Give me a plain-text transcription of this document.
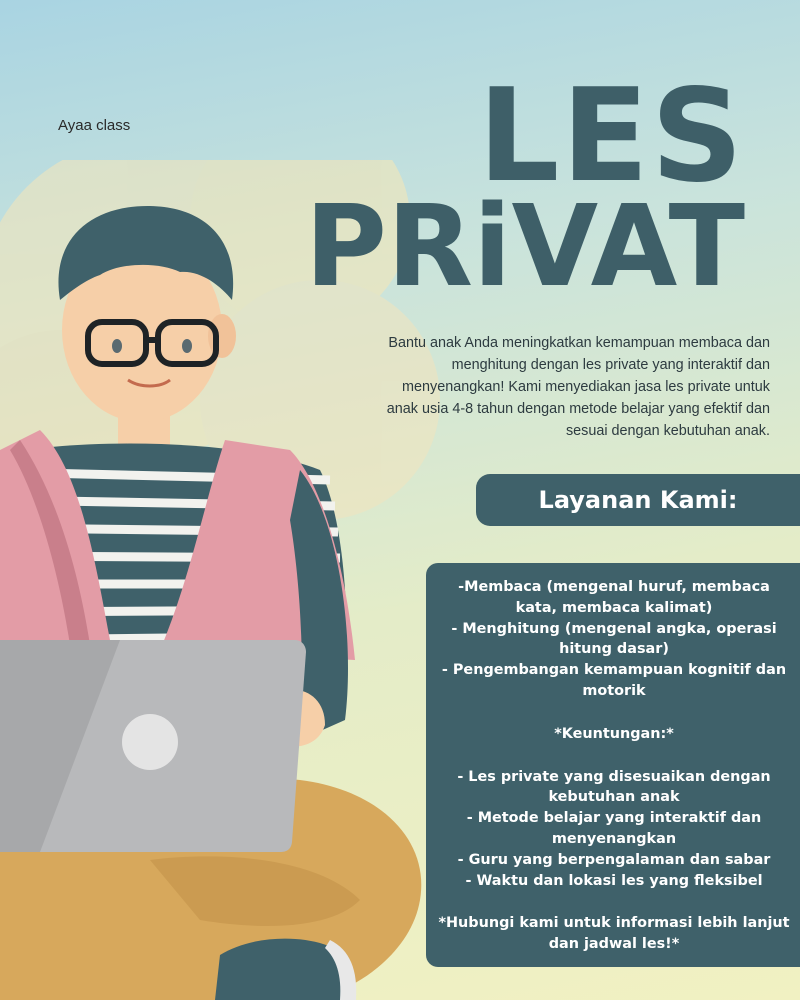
Ayaa class	LES
PRiVAT

Bantu anak Anda meningkatkan kemampuan membaca dan menghitung dengan les private yang interaktif dan menyenangkan! Kami menyediakan jasa les private untuk anak usia 4-8 tahun dengan metode belajar yang efektif dan sesuai dengan kebutuhan anak.

Layanan Kami:

-Membaca (mengenal huruf, membaca kata, membaca kalimat)

- Menghitung (mengenal angka, operasi hitung dasar)

- Pengembangan kemampuan kognitif dan motorik

*Keuntungan:*

- Les private yang disesuaikan dengan kebutuhan anak

- Metode belajar yang interaktif dan menyenangkan

- Guru yang berpengalaman dan sabar

- Waktu dan lokasi les yang fleksibel

*Hubungi kami untuk informasi lebih lanjut dan jadwal les!*
